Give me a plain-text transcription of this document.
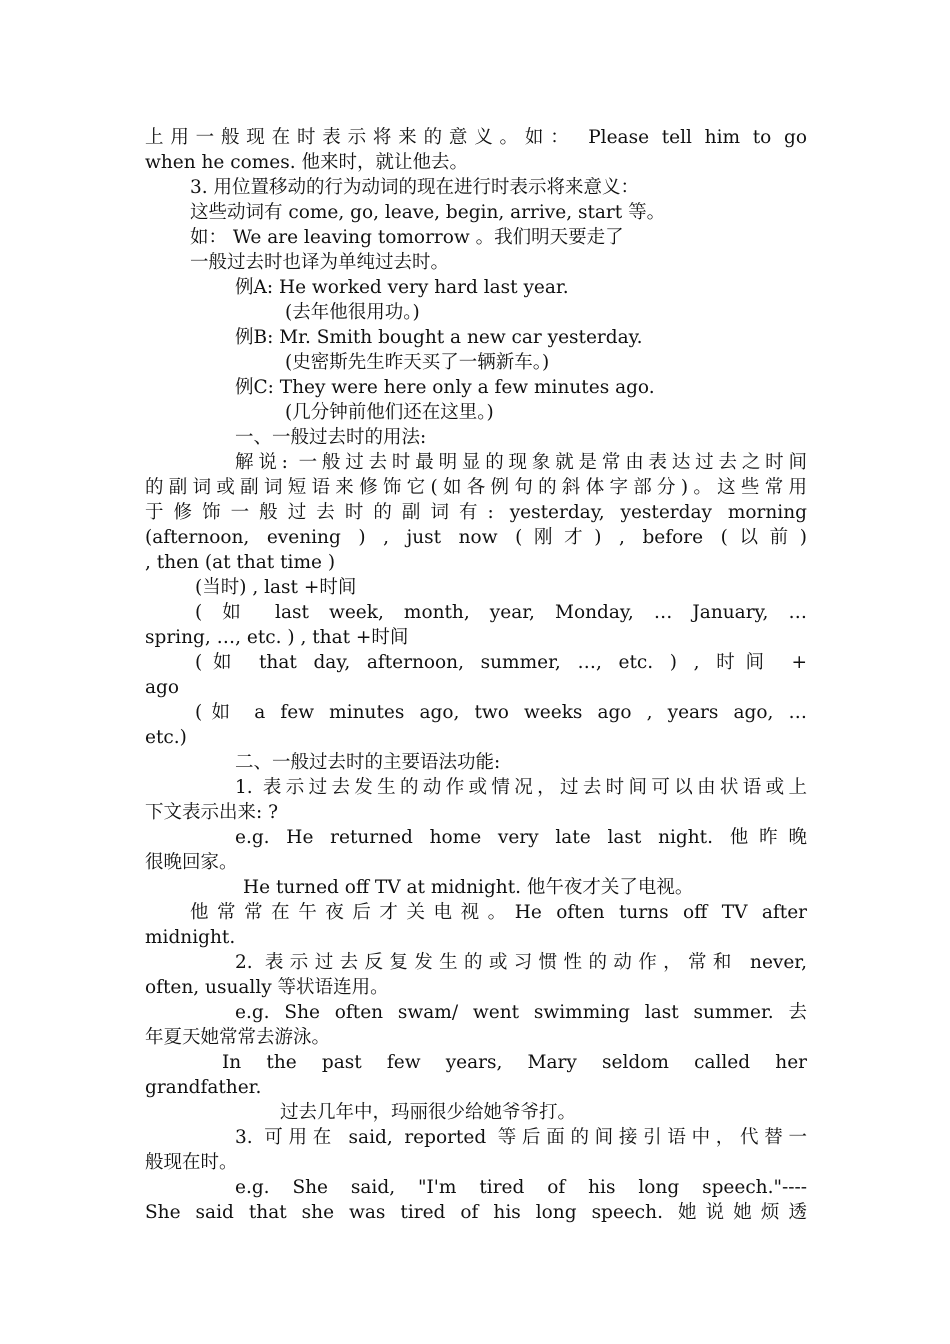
上用一般现在时表示将来的意义。如： Please tell him to go
when he comes. 他来时，就让他去。
3. 用位置移动的行为动词的现在进行时表示将来意义：
这些动词有 come, go, leave, begin, arrive, start 等。
如： We are leaving tomorrow 。我们明天要走了
一般过去时也译为单纯过去时。
例A: He worked very hard last year.
(去年他很用功。)
例B: Mr. Smith bought a new car yesterday.
(史密斯先生昨天买了一辆新车。)
例C: They were here only a few minutes ago.
(几分钟前他们还在这里。)
一、一般过去时的用法:
解说: 一般过去时最明显的现象就是常由表达过去之时间
的副词或副词短语来修饰它(如各例句的斜体字部分)。这些常用
于修饰一般过去时的副词有: yesterday, yesterday morning
(afternoon, evening ) , just now (刚才) , before (以前)
, then (at that time )
(当时) , last +时间
( 如 last week, month, year, Monday, … January, …
spring, …, etc. ) , that +时间
(如 that day, afternoon, summer, …, etc. ) , 时间 +
ago
(如 a few minutes ago, two weeks ago , years ago, …
etc.)
二、一般过去时的主要语法功能:
1. 表示过去发生的动作或情况，过去时间可以由状语或上
下文表示出来: ?
e.g. He returned home very late last night. 他昨晚
很晚回家。
He turned off TV at midnight. 他午夜才关了电视。
他常常在午夜后才关电视。He often turns off TV after
midnight.
2. 表示过去反复发生的或习惯性的动作，常和 never,
often, usually 等状语连用。
e.g. She often swam/ went swimming last summer. 去
年夏天她常常去游泳。
In the past few years, Mary seldom called her
grandfather.
过去几年中，玛丽很少给她爷爷打。
3. 可用在 said, reported 等后面的间接引语中，代替一
般现在时。
e.g. She said, "I'm tired of his long speech."----
She said that she was tired of his long speech. 她说她烦透
